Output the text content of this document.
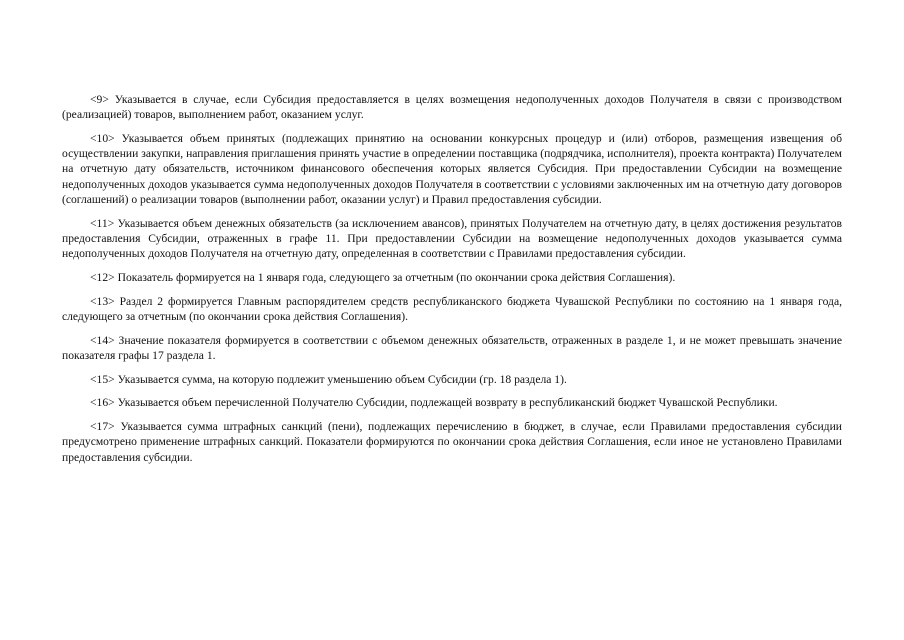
<9> Указывается в случае, если Субсидия предоставляется в целях возмещения недополученных доходов Получателя в связи с производством (реализацией) товаров, выполнением работ, оказанием услуг.

<10> Указывается объем принятых (подлежащих принятию на основании конкурсных процедур и (или) отборов, размещения извещения об осуществлении закупки, направления приглашения принять участие в определении поставщика (подрядчика, исполнителя), проекта контракта) Получателем на отчетную дату обязательств, источником финансового обеспечения которых является Субсидия. При предоставлении Субсидии на возмещение недополученных доходов указывается сумма недополученных доходов Получателя в соответствии с условиями заключенных им на отчетную дату договоров (соглашений) о реализации товаров (выполнении работ, оказании услуг) и Правил предоставления субсидии.

<11> Указывается объем денежных обязательств (за исключением авансов), принятых Получателем на отчетную дату, в целях достижения результатов предоставления Субсидии, отраженных в графе 11. При предоставлении Субсидии на возмещение недополученных доходов указывается сумма недополученных доходов Получателя на отчетную дату, определенная в соответствии с Правилами предоставления субсидии.

<12> Показатель формируется на 1 января года, следующего за отчетным (по окончании срока действия Соглашения).

<13> Раздел 2 формируется Главным распорядителем средств республиканского бюджета Чувашской Республики по состоянию на 1 января года, следующего за отчетным (по окончании срока действия Соглашения).

<14> Значение показателя формируется в соответствии с объемом денежных обязательств, отраженных в разделе 1, и не может превышать значение показателя графы 17 раздела 1.

<15> Указывается сумма, на которую подлежит уменьшению объем Субсидии (гр. 18 раздела 1).

<16> Указывается объем перечисленной Получателю Субсидии, подлежащей возврату в республиканский бюджет Чувашской Республики.

<17> Указывается сумма штрафных санкций (пени), подлежащих перечислению в бюджет, в случае, если Правилами предоставления субсидии предусмотрено применение штрафных санкций. Показатели формируются по окончании срока действия Соглашения, если иное не установлено Правилами предоставления субсидии.
